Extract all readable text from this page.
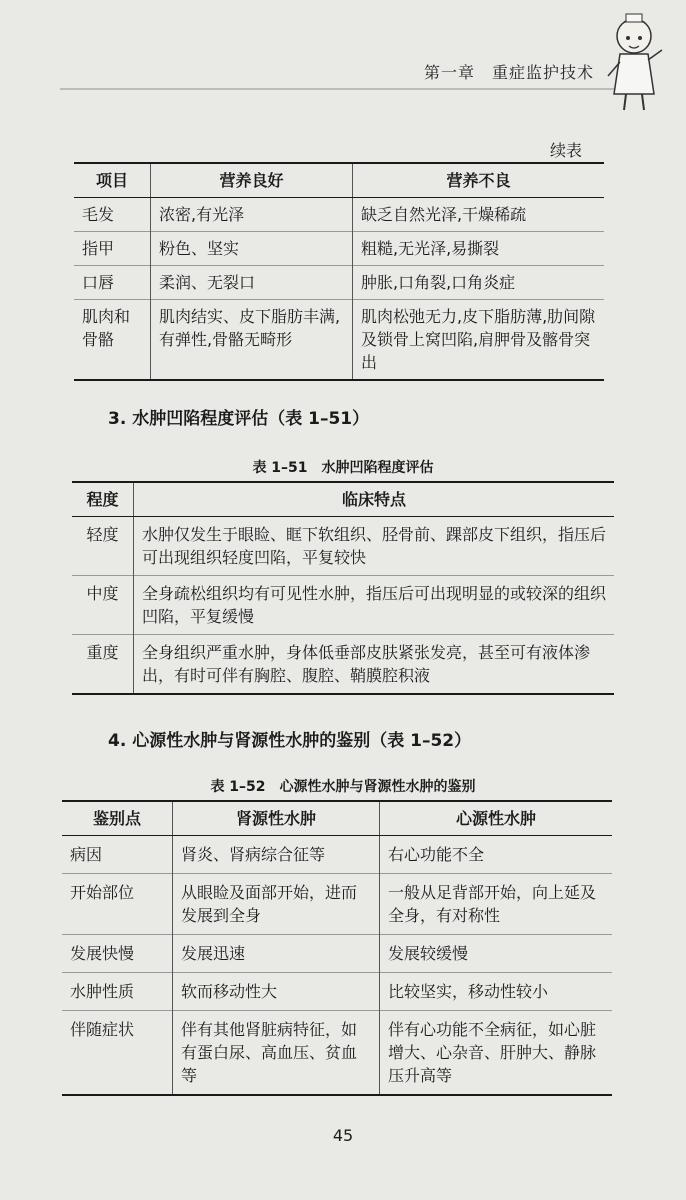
第一章　重症监护技术
续表
项目	营养良好	营养不良
毛发	浓密,有光泽	缺乏自然光泽,干燥稀疏
指甲	粉色、坚实	粗糙,无光泽,易撕裂
口唇	柔润、无裂口	肿胀,口角裂,口角炎症
肌肉和骨骼	肌肉结实、皮下脂肪丰满,有弹性,骨骼无畸形	肌肉松弛无力,皮下脂肪薄,肋间隙及锁骨上窝凹陷,肩胛骨及髂骨突出
3. 水肿凹陷程度评估（表 1–51）
表 1–51　水肿凹陷程度评估
程度	临床特点
轻度	水肿仅发生于眼睑、眶下软组织、胫骨前、踝部皮下组织，指压后可出现组织轻度凹陷，平复较快
中度	全身疏松组织均有可见性水肿，指压后可出现明显的或较深的组织凹陷，平复缓慢
重度	全身组织严重水肿，身体低垂部皮肤紧张发亮，甚至可有液体渗出，有时可伴有胸腔、腹腔、鞘膜腔积液
4. 心源性水肿与肾源性水肿的鉴别（表 1–52）
表 1–52　心源性水肿与肾源性水肿的鉴别
鉴别点	肾源性水肿	心源性水肿
病因	肾炎、肾病综合征等	右心功能不全
开始部位	从眼睑及面部开始，进而发展到全身	一般从足背部开始，向上延及全身，有对称性
发展快慢	发展迅速	发展较缓慢
水肿性质	软而移动性大	比较坚实，移动性较小
伴随症状	伴有其他肾脏病特征，如有蛋白尿、高血压、贫血等	伴有心功能不全病征，如心脏增大、心杂音、肝肿大、静脉压升高等
45
